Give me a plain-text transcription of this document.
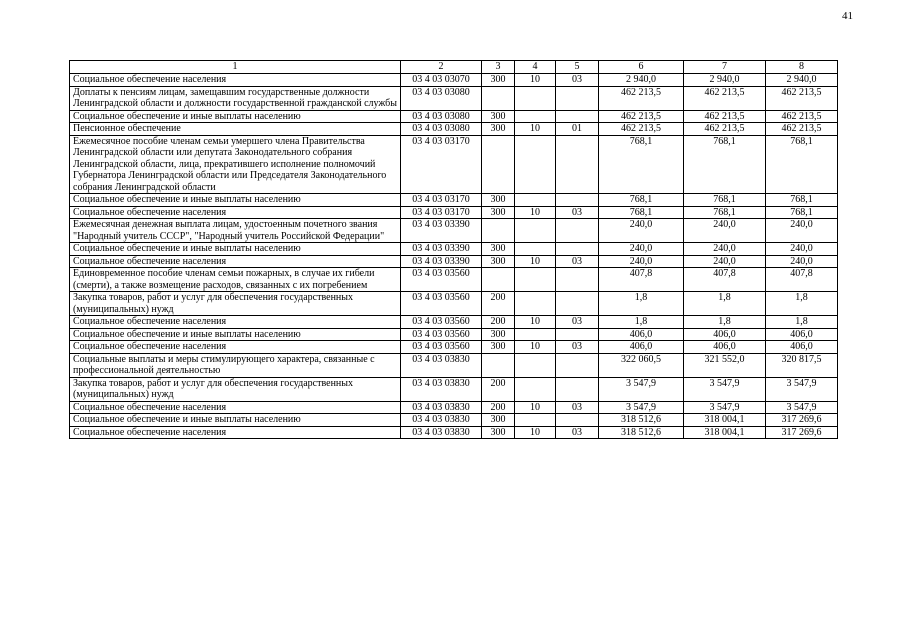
41
1	2	3	4	5	6	7	8
Социальное обеспечение населения	03 4 03 03070	300	10	03	2 940,0	2 940,0	2 940,0
Доплаты к пенсиям лицам, замещавшим государственные должности Ленинградской области и должности государственной гражданской службы	03 4 03 03080				462 213,5	462 213,5	462 213,5
Социальное обеспечение и иные выплаты населению	03 4 03 03080	300			462 213,5	462 213,5	462 213,5
Пенсионное обеспечение	03 4 03 03080	300	10	01	462 213,5	462 213,5	462 213,5
Ежемесячное пособие членам семьи умершего члена Правительства Ленинградской области или депутата Законодательного собрания Ленинградской области, лица, прекратившего исполнение полномочий Губернатора Ленинградской области или Председателя Законодательного собрания Ленинградской области	03 4 03 03170				768,1	768,1	768,1
Социальное обеспечение и иные выплаты населению	03 4 03 03170	300			768,1	768,1	768,1
Социальное обеспечение населения	03 4 03 03170	300	10	03	768,1	768,1	768,1
Ежемесячная денежная выплата лицам, удостоенным почетного звания "Народный учитель СССР", "Народный учитель Российской Федерации"	03 4 03 03390				240,0	240,0	240,0
Социальное обеспечение и иные выплаты населению	03 4 03 03390	300			240,0	240,0	240,0
Социальное обеспечение населения	03 4 03 03390	300	10	03	240,0	240,0	240,0
Единовременное пособие членам семьи пожарных, в случае их гибели (смерти), а также возмещение расходов, связанных с их погребением	03 4 03 03560				407,8	407,8	407,8
Закупка товаров, работ и услуг для обеспечения государственных (муниципальных) нужд	03 4 03 03560	200			1,8	1,8	1,8
Социальное обеспечение населения	03 4 03 03560	200	10	03	1,8	1,8	1,8
Социальное обеспечение и иные выплаты населению	03 4 03 03560	300			406,0	406,0	406,0
Социальное обеспечение населения	03 4 03 03560	300	10	03	406,0	406,0	406,0
Социальные выплаты и меры стимулирующего характера, связанные с профессиональной деятельностью	03 4 03 03830				322 060,5	321 552,0	320 817,5
Закупка товаров, работ и услуг для обеспечения государственных (муниципальных) нужд	03 4 03 03830	200			3 547,9	3 547,9	3 547,9
Социальное обеспечение населения	03 4 03 03830	200	10	03	3 547,9	3 547,9	3 547,9
Социальное обеспечение и иные выплаты населению	03 4 03 03830	300			318 512,6	318 004,1	317 269,6
Социальное обеспечение населения	03 4 03 03830	300	10	03	318 512,6	318 004,1	317 269,6
